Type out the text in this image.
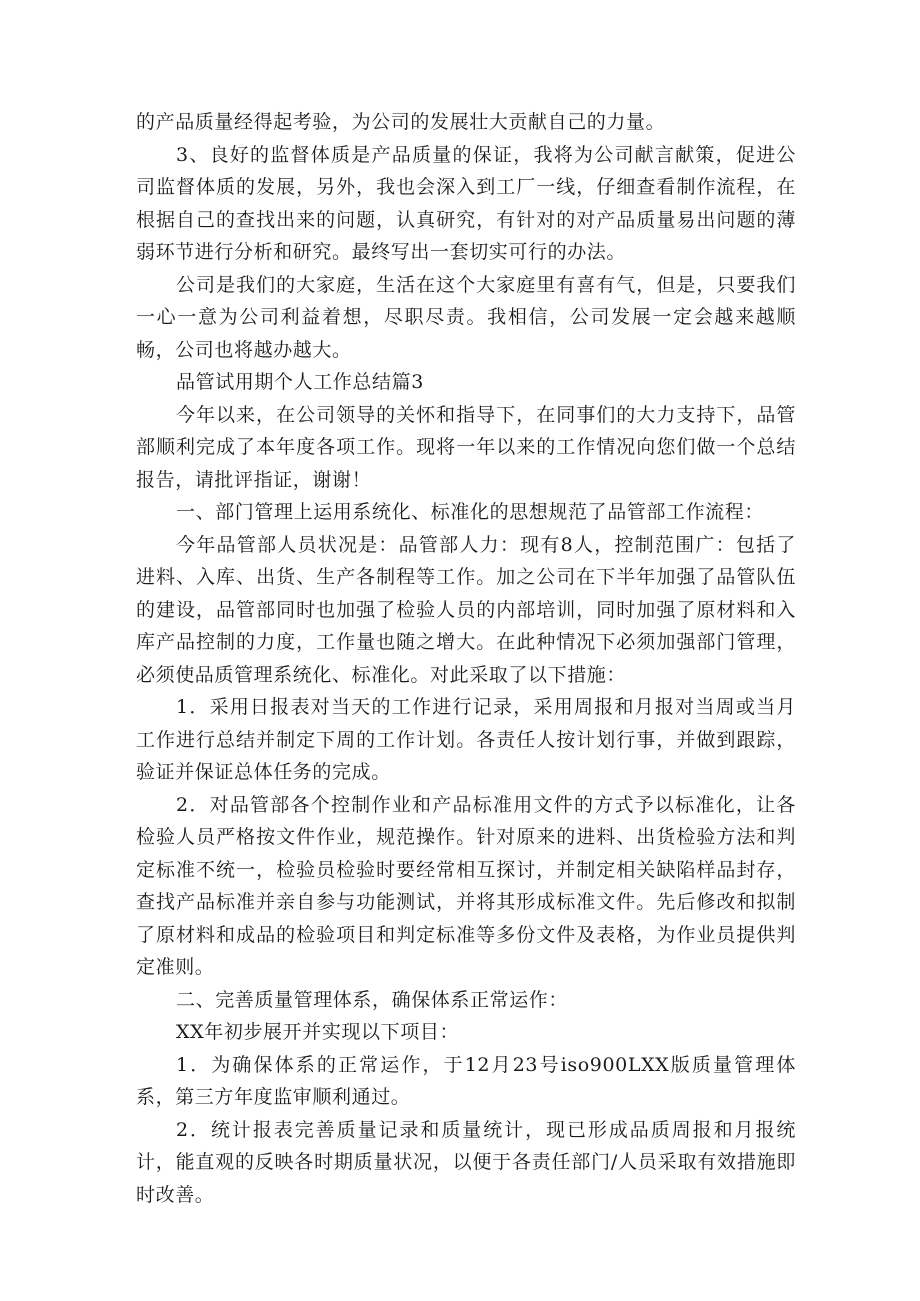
的产品质量经得起考验，为公司的发展壮大贡献自己的力量。

3、良好的监督体质是产品质量的保证，我将为公司献言献策，促进公司监督体质的发展，另外，我也会深入到工厂一线，仔细查看制作流程，在根据自己的查找出来的问题，认真研究，有针对的对产品质量易出问题的薄弱环节进行分析和研究。最终写出一套切实可行的办法。

公司是我们的大家庭，生活在这个大家庭里有喜有气，但是，只要我们一心一意为公司利益着想，尽职尽责。我相信，公司发展一定会越来越顺畅，公司也将越办越大。

品管试用期个人工作总结篇3

今年以来，在公司领导的关怀和指导下，在同事们的大力支持下，品管部顺利完成了本年度各项工作。现将一年以来的工作情况向您们做一个总结报告，请批评指证，谢谢！

一、部门管理上运用系统化、标准化的思想规范了品管部工作流程：

今年品管部人员状况是：品管部人力：现有8人，控制范围广：包括了进料、入库、出货、生产各制程等工作。加之公司在下半年加强了品管队伍的建设，品管部同时也加强了检验人员的内部培训，同时加强了原材料和入库产品控制的力度，工作量也随之增大。在此种情况下必须加强部门管理，必须使品质管理系统化、标准化。对此采取了以下措施：

1．采用日报表对当天的工作进行记录，采用周报和月报对当周或当月工作进行总结并制定下周的工作计划。各责任人按计划行事，并做到跟踪，验证并保证总体任务的完成。

2．对品管部各个控制作业和产品标准用文件的方式予以标准化，让各检验人员严格按文件作业，规范操作。针对原来的进料、出货检验方法和判定标准不统一，检验员检验时要经常相互探讨，并制定相关缺陷样品封存，查找产品标准并亲自参与功能测试，并将其形成标准文件。先后修改和拟制了原材料和成品的检验项目和判定标准等多份文件及表格，为作业员提供判定准则。

二、完善质量管理体系，确保体系正常运作：

XX年初步展开并实现以下项目：

1．为确保体系的正常运作，于12月23号iso900LXX版质量管理体系，第三方年度监审顺利通过。

2．统计报表完善质量记录和质量统计，现已形成品质周报和月报统计，能直观的反映各时期质量状况，以便于各责任部门/人员采取有效措施即时改善。
